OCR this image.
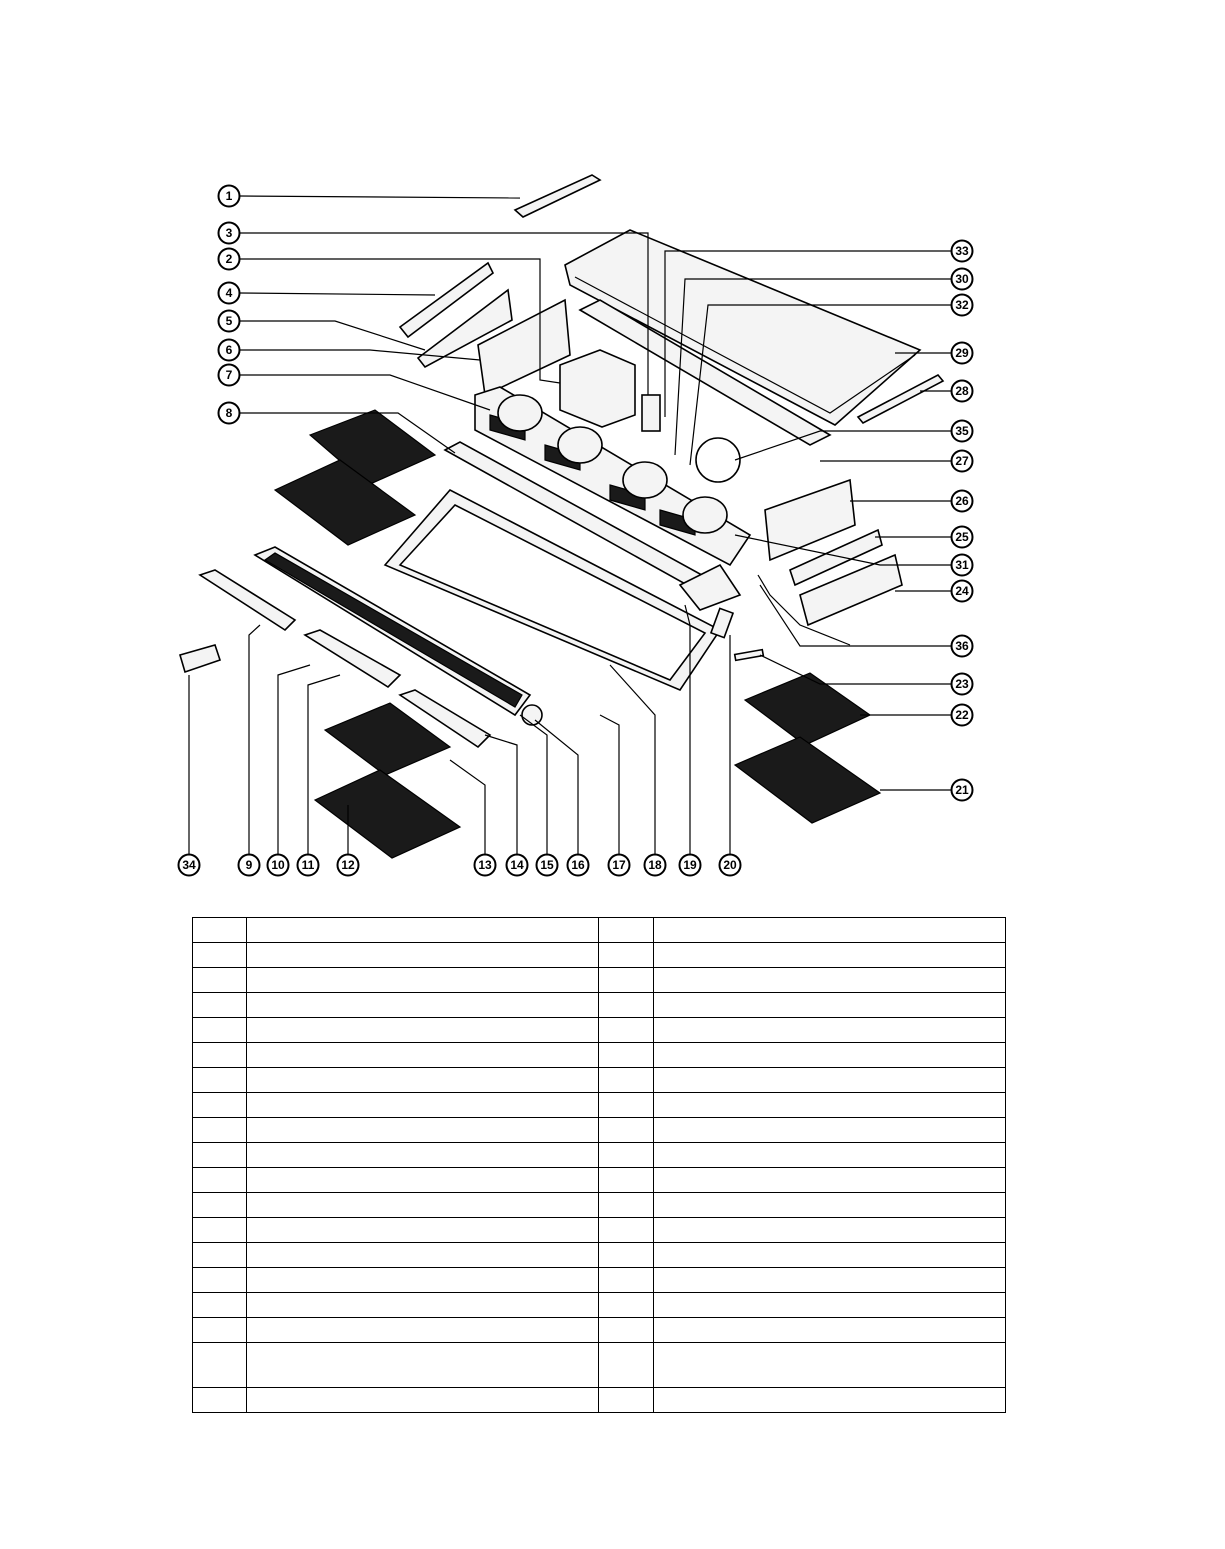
1
3
2
4
5
6
7
8
33
30
32
29
28
35
27
26
25
31
24
36
23
22
21
34	9 10 11 12	13 14 15 16 17 18 19 20
